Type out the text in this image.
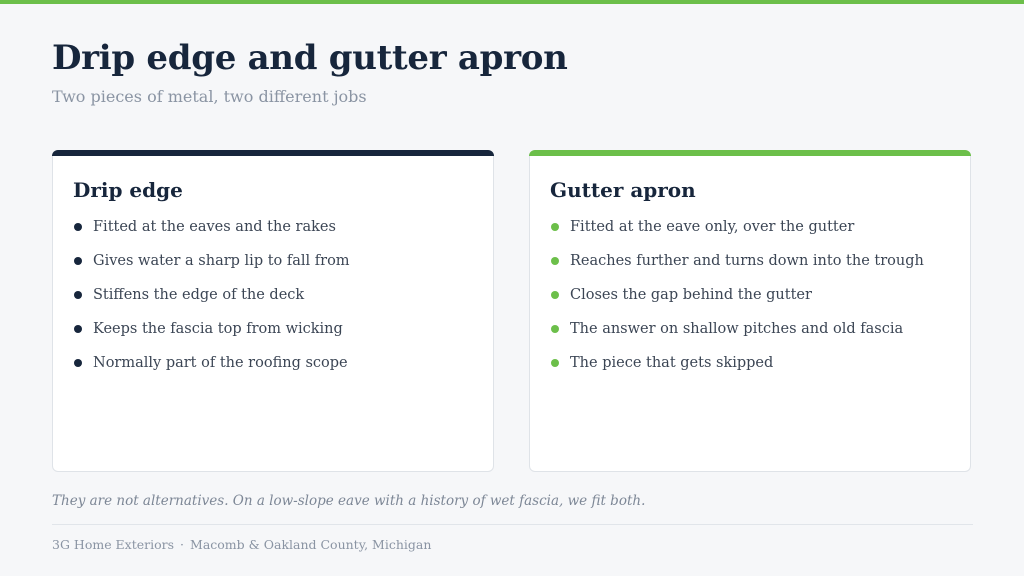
Drip edge and gutter apron

Two pieces of metal, two different jobs

Drip edge
Fitted at the eaves and the rakes
Gives water a sharp lip to fall from
Stiffens the edge of the deck
Keeps the fascia top from wicking
Normally part of the roofing scope
Gutter apron
Fitted at the eave only, over the gutter
Reaches further and turns down into the trough
Closes the gap behind the gutter
The answer on shallow pitches and old fascia
The piece that gets skipped

They are not alternatives. On a low-slope eave with a history of wet fascia, we fit both.

3G Home Exteriors · Macomb & Oakland County, Michigan
